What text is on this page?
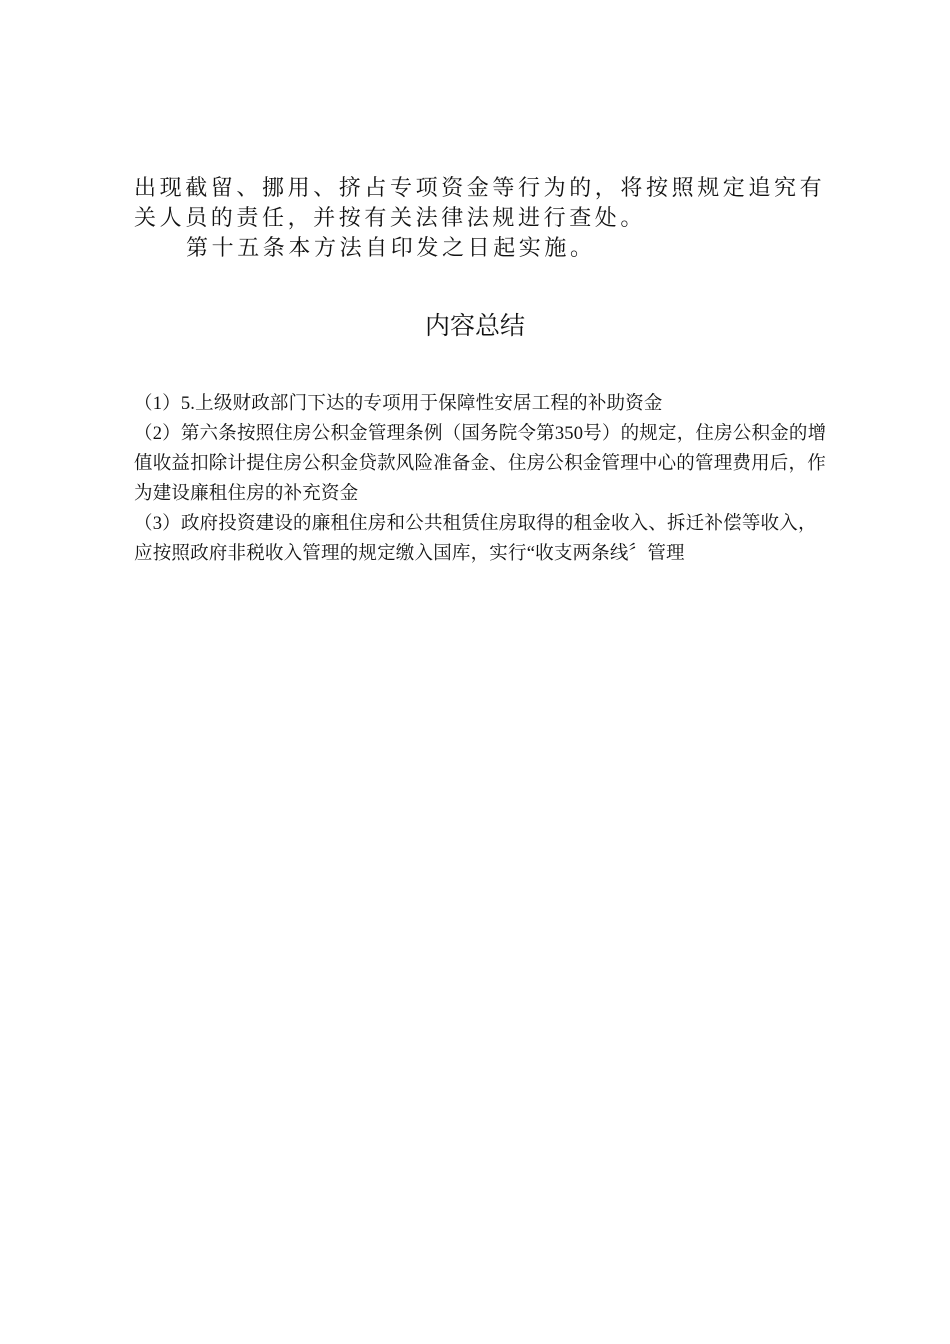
出现截留、挪用、挤占专项资金等行为的，将按照规定追究有关人员的责任，并按有关法律法规进行查处。

第十五条本方法自印发之日起实施。

内容总结

（1）5.上级财政部门下达的专项用于保障性安居工程的补助资金

（2）第六条按照住房公积金管理条例（国务院令第350号）的规定，住房公积金的增值收益扣除计提住房公积金贷款风险准备金、住房公积金管理中心的管理费用后，作为建设廉租住房的补充资金

（3）政府投资建设的廉租住房和公共租赁住房取得的租金收入、拆迁补偿等收入，应按照政府非税收入管理的规定缴入国库，实行“收支两条线〞管理
